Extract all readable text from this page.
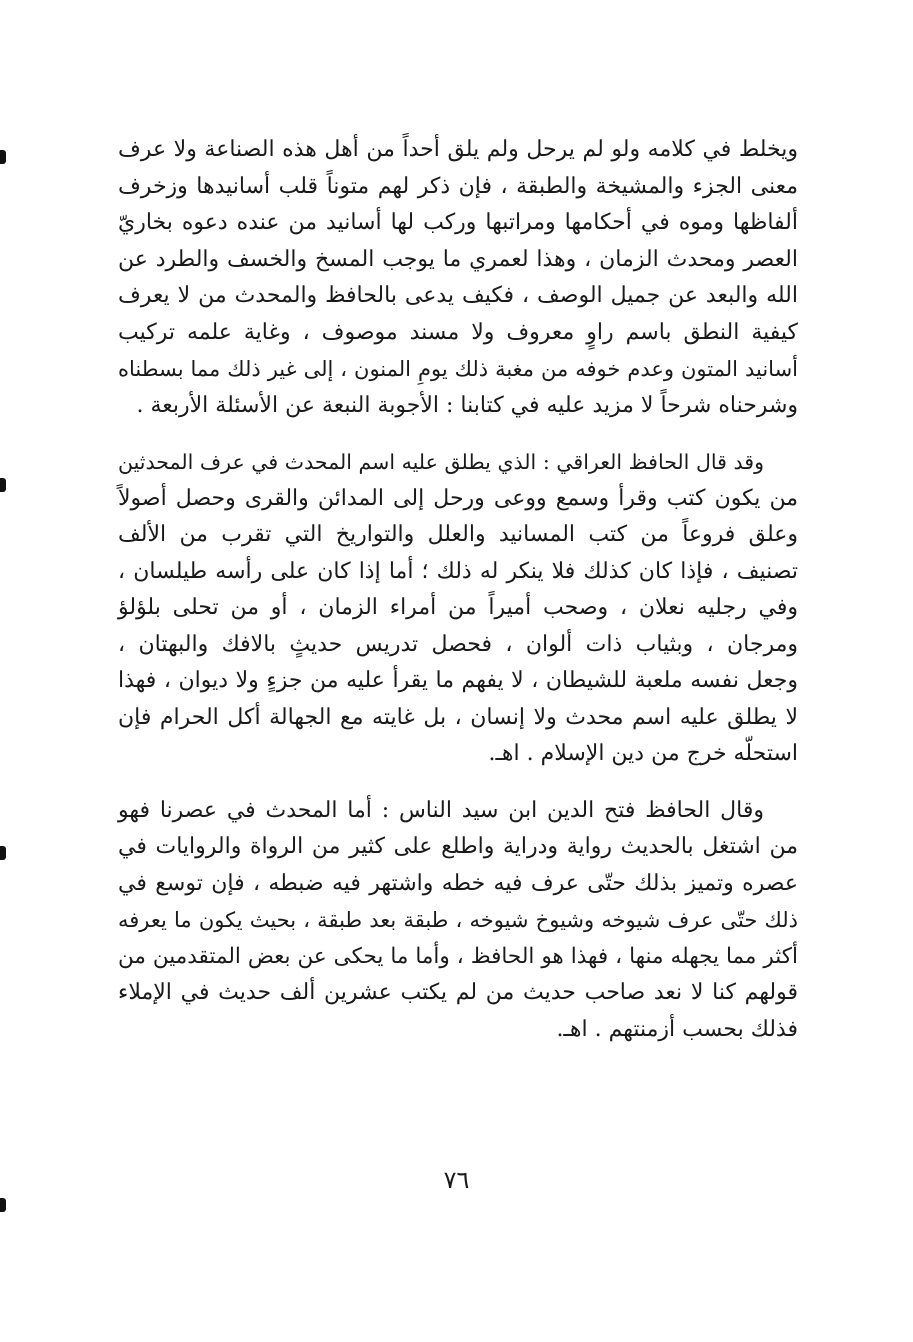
ويخلط في كلامه ولو لم يرحل ولم يلق أحداً من أهل هذه الصناعة ولا عرف
معنى الجزء والمشيخة والطبقة ، فإن ذكر لهم متوناً قلب أسانيدها وزخرف
ألفاظها وموه في أحكامها ومراتبها وركب لها أسانيد من عنده دعوه بخاريّ
العصر ومحدث الزمان ، وهذا لعمري ما يوجب المسخ والخسف والطرد عن
الله والبعد عن جميل الوصف ، فكيف يدعى بالحافظ والمحدث من لا يعرف
كيفية النطق باسم راوٍ معروف ولا مسند موصوف ، وغاية علمه تركيب
أسانيد المتون وعدم خوفه من مغبة ذلك يومِ المنون ، إلى غير ذلك مما بسطناه
وشرحناه شرحاً لا مزيد عليه في كتابنا : الأجوبة النبعة عن الأسئلة الأربعة .

وقد قال الحافظ العراقي : الذي يطلق عليه اسم المحدث في عرف المحدثين
من يكون كتب وقرأ وسمع ووعى ورحل إلى المدائن والقرى وحصل أصولاً
وعلق فروعاً من كتب المسانيد والعلل والتواريخ التي تقرب من الألف
تصنيف ، فإذا كان كذلك فلا ينكر له ذلك ؛ أما إذا كان على رأسه طيلسان ،
وفي رجليه نعلان ، وصحب أميراً من أمراء الزمان ، أو من تحلى بلؤلؤ
ومرجان ، وبثياب ذات ألوان ، فحصل تدريس حديثٍ بالافك والبهتان ،
وجعل نفسه ملعبة للشيطان ، لا يفهم ما يقرأ عليه من جزءٍ ولا ديوان ، فهذا
لا يطلق عليه اسم محدث ولا إنسان ، بل غايته مع الجهالة أكل الحرام فإن
استحلّه خرج من دين الإسلام . اهـ.

وقال الحافظ فتح الدين ابن سيد الناس : أما المحدث في عصرنا فهو
من اشتغل بالحديث رواية ودراية واطلع على كثير من الرواة والروايات في
عصره وتميز بذلك حتّى عرف فيه خطه واشتهر فيه ضبطه ، فإن توسع في
ذلك حتّى عرف شيوخه وشيوخ شيوخه ، طبقة بعد طبقة ، بحيث يكون ما يعرفه
أكثر مما يجهله منها ، فهذا هو الحافظ ، وأما ما يحكى عن بعض المتقدمين من
قولهم كنا لا نعد صاحب حديث من لم يكتب عشرين ألف حديث في الإملاء
فذلك بحسب أزمنتهم . اهـ.

٧٦
